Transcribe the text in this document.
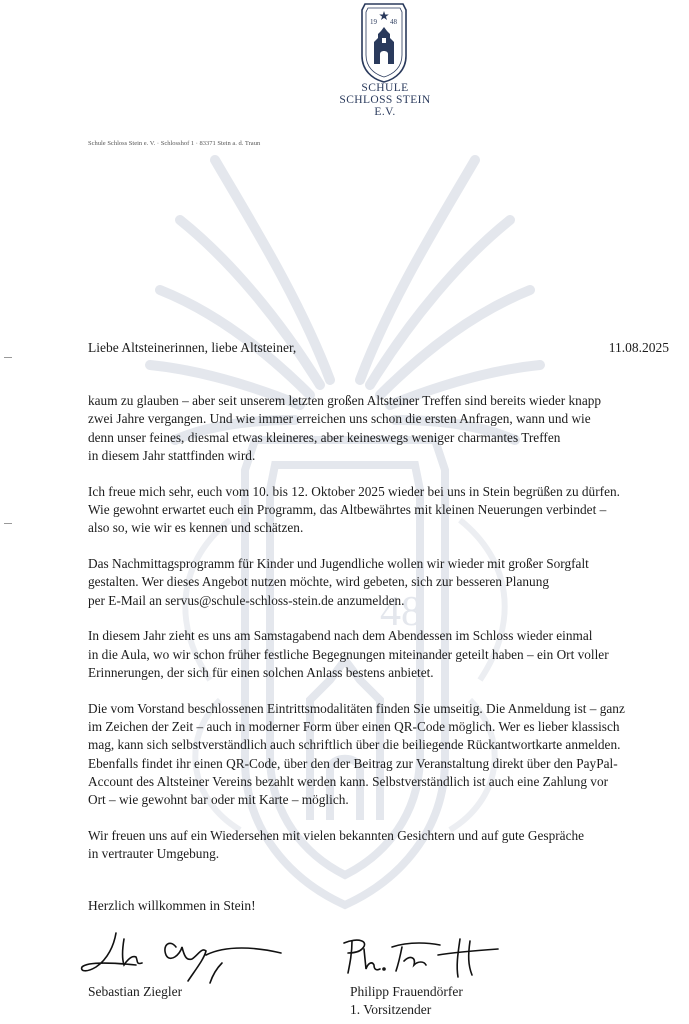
48
19 48
SCHULE
SCHLOSS STEIN
E.V.
Schule Schloss Stein e. V. · Schlosshof 1 · 83371 Stein a. d. Traun
Liebe Altsteinerinnen, liebe Altsteiner,	11.08.2025

kaum zu glauben – aber seit unserem letzten großen Altsteiner Treffen sind bereits wieder knapp
zwei Jahre vergangen. Und wie immer erreichen uns schon die ersten Anfragen, wann und wie
denn unser feines, diesmal etwas kleineres, aber keineswegs weniger charmantes Treffen
in diesem Jahr stattfinden wird.

Ich freue mich sehr, euch vom 10. bis 12. Oktober 2025 wieder bei uns in Stein begrüßen zu dürfen.
Wie gewohnt erwartet euch ein Programm, das Altbewährtes mit kleinen Neuerungen verbindet –
also so, wie wir es kennen und schätzen.

Das Nachmittagsprogramm für Kinder und Jugendliche wollen wir wieder mit großer Sorgfalt
gestalten. Wer dieses Angebot nutzen möchte, wird gebeten, sich zur besseren Planung
per E-Mail an servus@schule-schloss-stein.de anzumelden.

In diesem Jahr zieht es uns am Samstagabend nach dem Abendessen im Schloss wieder einmal
in die Aula, wo wir schon früher festliche Begegnungen miteinander geteilt haben – ein Ort voller
Erinnerungen, der sich für einen solchen Anlass bestens anbietet.

Die vom Vorstand beschlossenen Eintrittsmodalitäten finden Sie umseitig. Die Anmeldung ist – ganz
im Zeichen der Zeit – auch in moderner Form über einen QR-Code möglich. Wer es lieber klassisch
mag, kann sich selbstverständlich auch schriftlich über die beiliegende Rückantwortkarte anmelden.
Ebenfalls findet ihr einen QR-Code, über den der Beitrag zur Veranstaltung direkt über den PayPal-
Account des Altsteiner Vereins bezahlt werden kann. Selbstverständlich ist auch eine Zahlung vor
Ort – wie gewohnt bar oder mit Karte – möglich.

Wir freuen uns auf ein Wiedersehen mit vielen bekannten Gesichtern und auf gute Gespräche
in vertrauter Umgebung.

Herzlich willkommen in Stein!
Sebastian Ziegler	Philipp Frauendörfer
1. Vorsitzender
